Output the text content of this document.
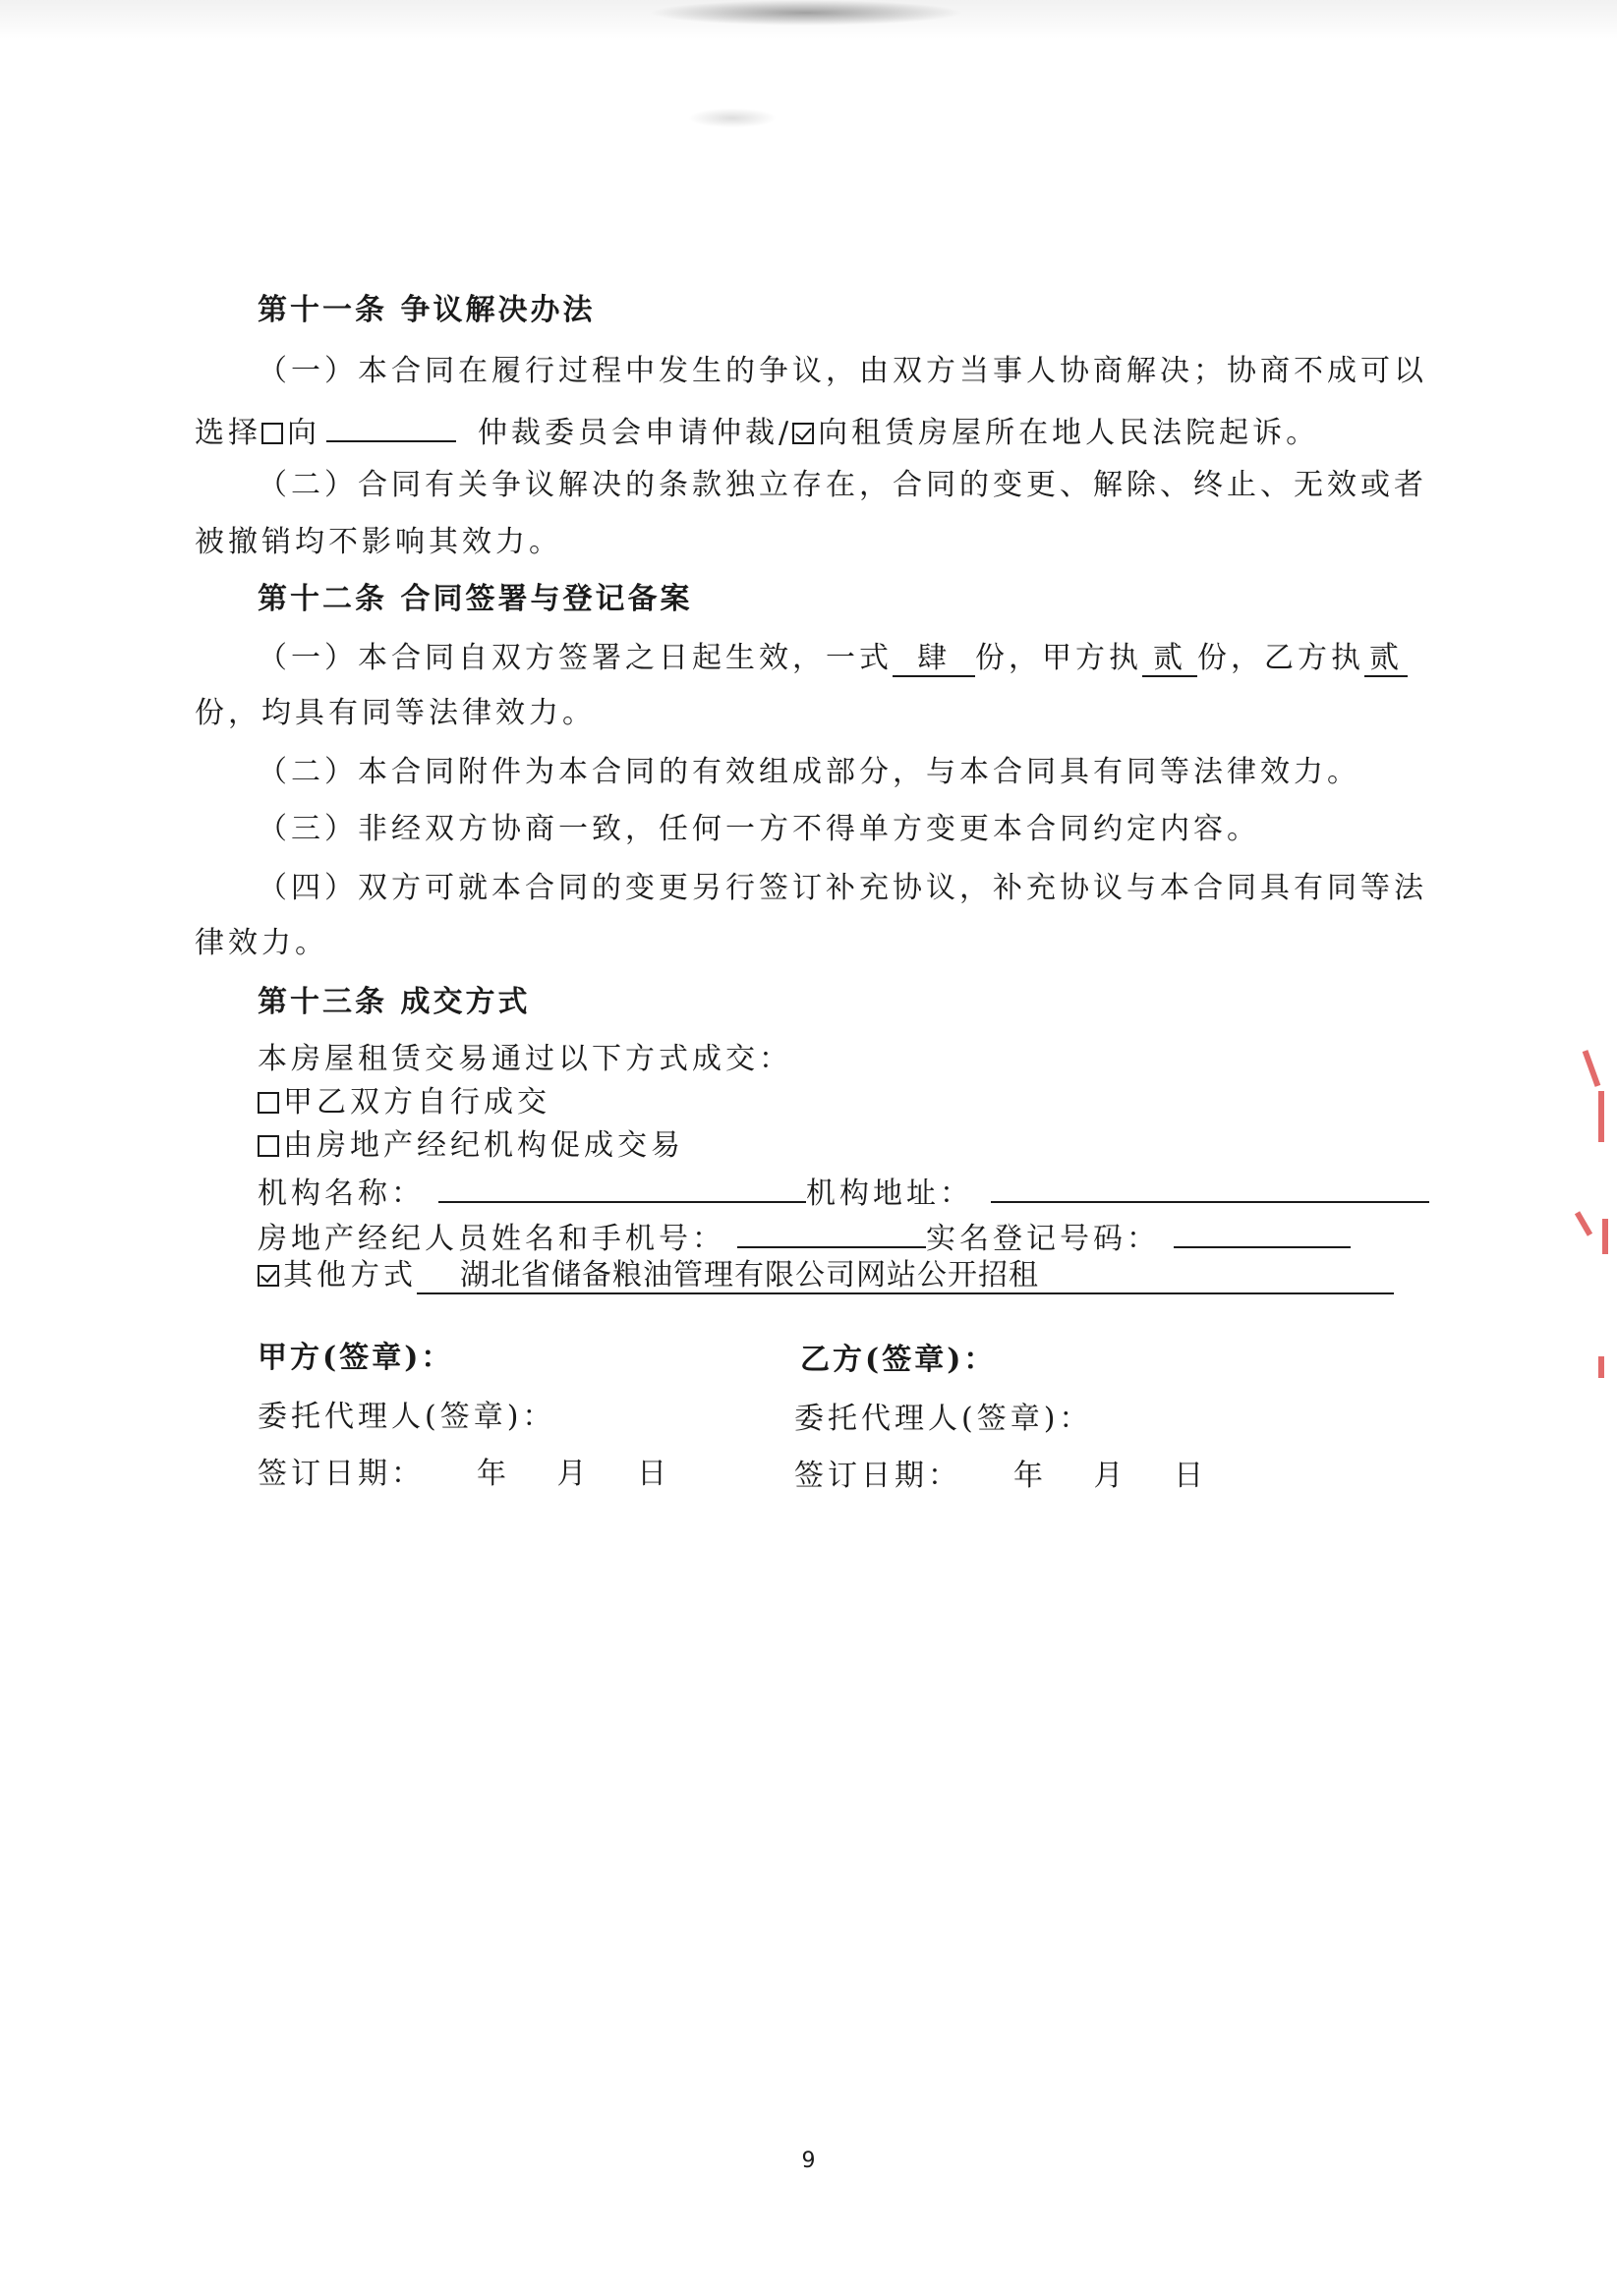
第十一条 争议解决办法
（一）本合同在履行过程中发生的争议，由双方当事人协商解决；协商不成可以
选择 向	仲裁委员会申请仲裁/ 向租赁房屋所在地人民法院起诉。
（二）合同有关争议解决的条款独立存在，合同的变更、解除、终止、无效或者
被撤销均不影响其效力。
第十二条 合同签署与登记备案
（一）本合同自双方签署之日起生效，一式 肆 份，甲方执 贰 份，乙方执 贰
份，均具有同等法律效力。
（二）本合同附件为本合同的有效组成部分，与本合同具有同等法律效力。
（三）非经双方协商一致，任何一方不得单方变更本合同约定内容。
（四）双方可就本合同的变更另行签订补充协议，补充协议与本合同具有同等法
律效力。
第十三条 成交方式
本房屋租赁交易通过以下方式成交：
甲乙双方自行成交
由房地产经纪机构促成交易
机构名称：	机构地址：
房地产经纪人员姓名和手机号：	实名登记号码：
其他方式 湖北省储备粮油管理有限公司网站公开招租
甲方(签章)：	乙方(签章)：
委托代理人(签章)：	委托代理人(签章)：
签订日期：　　年　 月　 日	签订日期：　　年　 月　 日
9
